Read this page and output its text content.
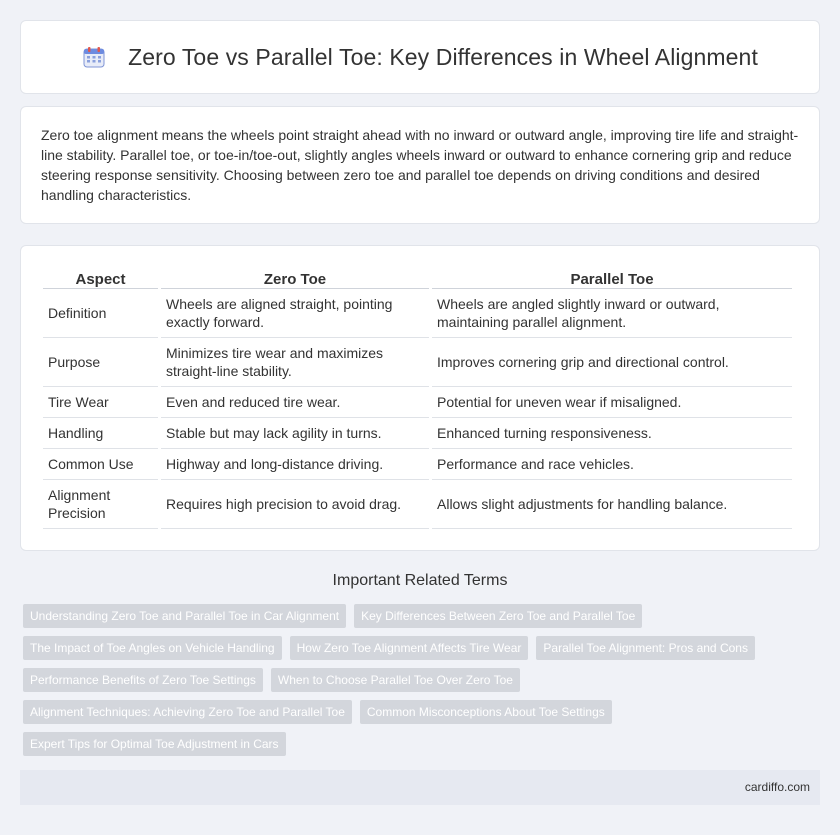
Zero Toe vs Parallel Toe: Key Differences in Wheel Alignment

Zero toe alignment means the wheels point straight ahead with no inward or outward angle, improving tire life and straight-line stability. Parallel toe, or toe-in/toe-out, slightly angles wheels inward or outward to enhance cornering grip and reduce steering response sensitivity. Choosing between zero toe and parallel toe depends on driving conditions and desired handling characteristics.

Aspect	Zero Toe	Parallel Toe
Definition	Wheels are aligned straight, pointing exactly forward.	Wheels are angled slightly inward or outward, maintaining parallel alignment.
Purpose	Minimizes tire wear and maximizes straight-line stability.	Improves cornering grip and directional control.
Tire Wear	Even and reduced tire wear.	Potential for uneven wear if misaligned.
Handling	Stable but may lack agility in turns.	Enhanced turning responsiveness.
Common Use	Highway and long-distance driving.	Performance and race vehicles.
Alignment Precision	Requires high precision to avoid drag.	Allows slight adjustments for handling balance.
Important Related Terms
Understanding Zero Toe and Parallel Toe in Car Alignment	Key Differences Between Zero Toe and Parallel Toe
The Impact of Toe Angles on Vehicle Handling	How Zero Toe Alignment Affects Tire Wear	Parallel Toe Alignment: Pros and Cons
Performance Benefits of Zero Toe Settings	When to Choose Parallel Toe Over Zero Toe
Alignment Techniques: Achieving Zero Toe and Parallel Toe	Common Misconceptions About Toe Settings
Expert Tips for Optimal Toe Adjustment in Cars
cardiffo.com
